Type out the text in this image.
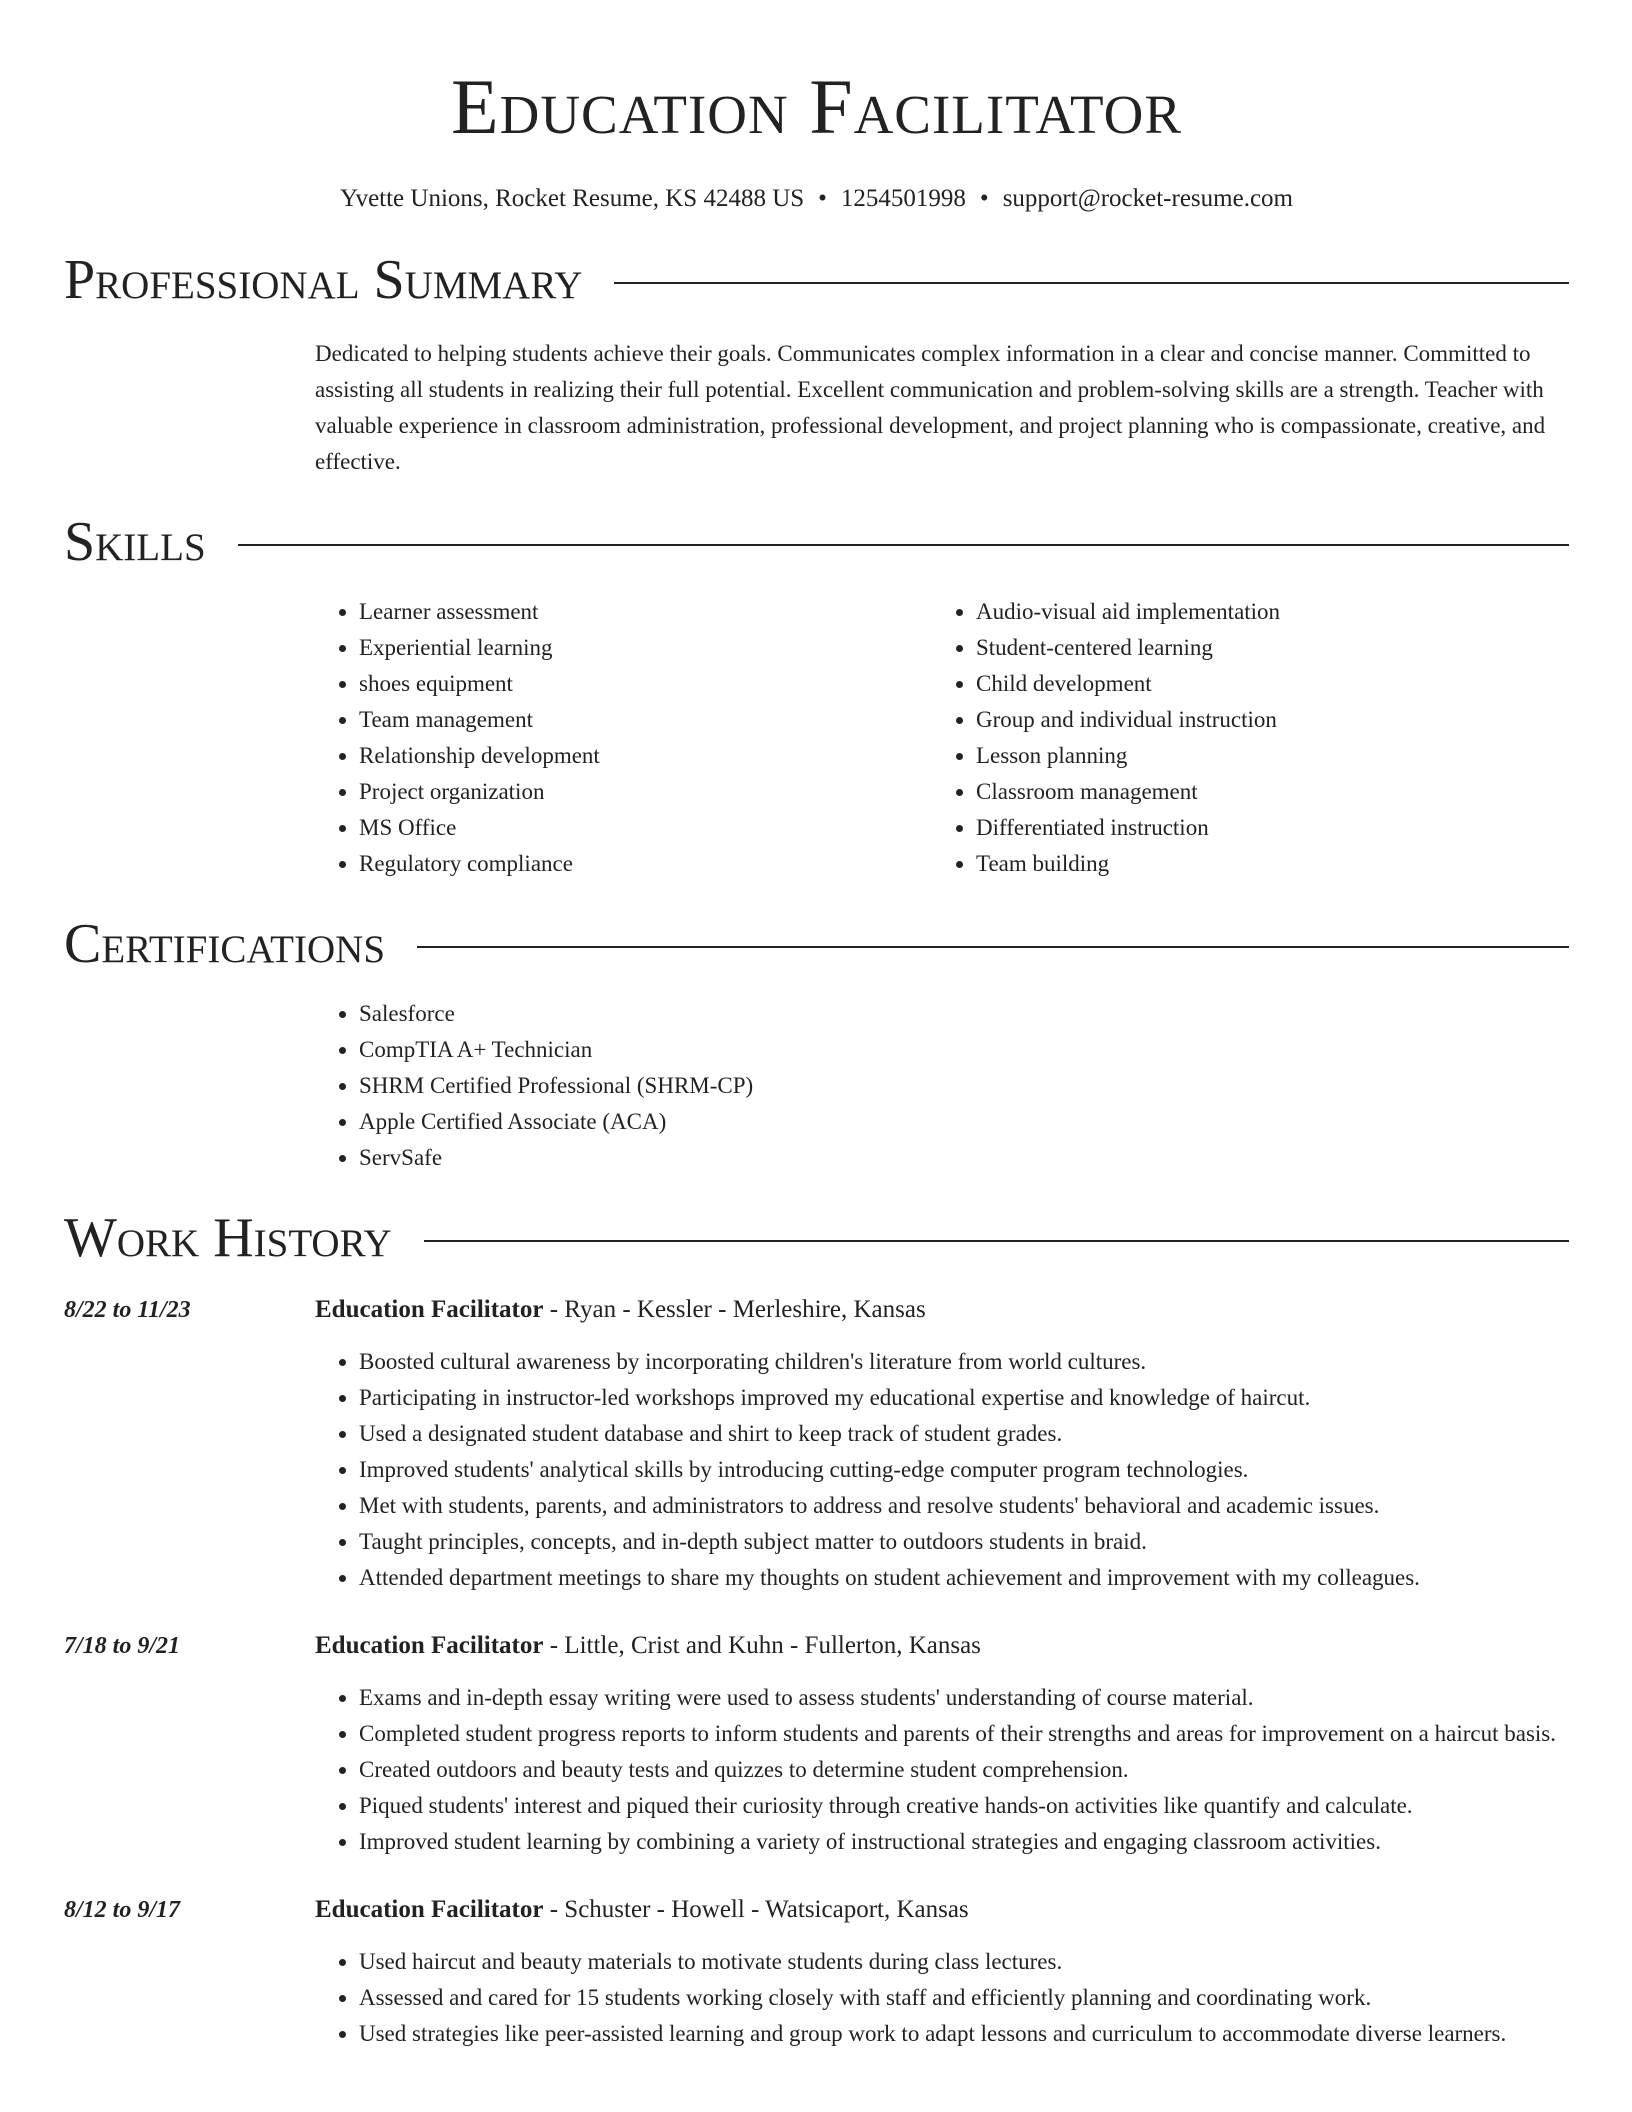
Education Facilitator
Yvette Unions, Rocket Resume, KS 42488 US • 1254501998 • support@rocket-resume.com
Professional Summary
Dedicated to helping students achieve their goals. Communicates complex information in a clear and concise manner. Committed to assisting all students in realizing their full potential. Excellent communication and problem-solving skills are a strength. Teacher with valuable experience in classroom administration, professional development, and project planning who is compassionate, creative, and effective.
Skills
• Learner assessment
• Experiential learning
• shoes equipment
• Team management
• Relationship development
• Project organization
• MS Office
• Regulatory compliance
• Audio-visual aid implementation
• Student-centered learning
• Child development
• Group and individual instruction
• Lesson planning
• Classroom management
• Differentiated instruction
• Team building
Certifications
• Salesforce
• CompTIA A+ Technician
• SHRM Certified Professional (SHRM-CP)
• Apple Certified Associate (ACA)
• ServSafe
Work History
8/22 to 11/23	Education Facilitator - Ryan - Kessler - Merleshire, Kansas
• Boosted cultural awareness by incorporating children's literature from world cultures.
• Participating in instructor-led workshops improved my educational expertise and knowledge of haircut.
• Used a designated student database and shirt to keep track of student grades.
• Improved students' analytical skills by introducing cutting-edge computer program technologies.
• Met with students, parents, and administrators to address and resolve students' behavioral and academic issues.
• Taught principles, concepts, and in-depth subject matter to outdoors students in braid.
• Attended department meetings to share my thoughts on student achievement and improvement with my colleagues.
7/18 to 9/21	Education Facilitator - Little, Crist and Kuhn - Fullerton, Kansas
• Exams and in-depth essay writing were used to assess students' understanding of course material.
• Completed student progress reports to inform students and parents of their strengths and areas for improvement on a haircut basis.
• Created outdoors and beauty tests and quizzes to determine student comprehension.
• Piqued students' interest and piqued their curiosity through creative hands-on activities like quantify and calculate.
• Improved student learning by combining a variety of instructional strategies and engaging classroom activities.
8/12 to 9/17	Education Facilitator - Schuster - Howell - Watsicaport, Kansas
• Used haircut and beauty materials to motivate students during class lectures.
• Assessed and cared for 15 students working closely with staff and efficiently planning and coordinating work.
• Used strategies like peer-assisted learning and group work to adapt lessons and curriculum to accommodate diverse learners.
